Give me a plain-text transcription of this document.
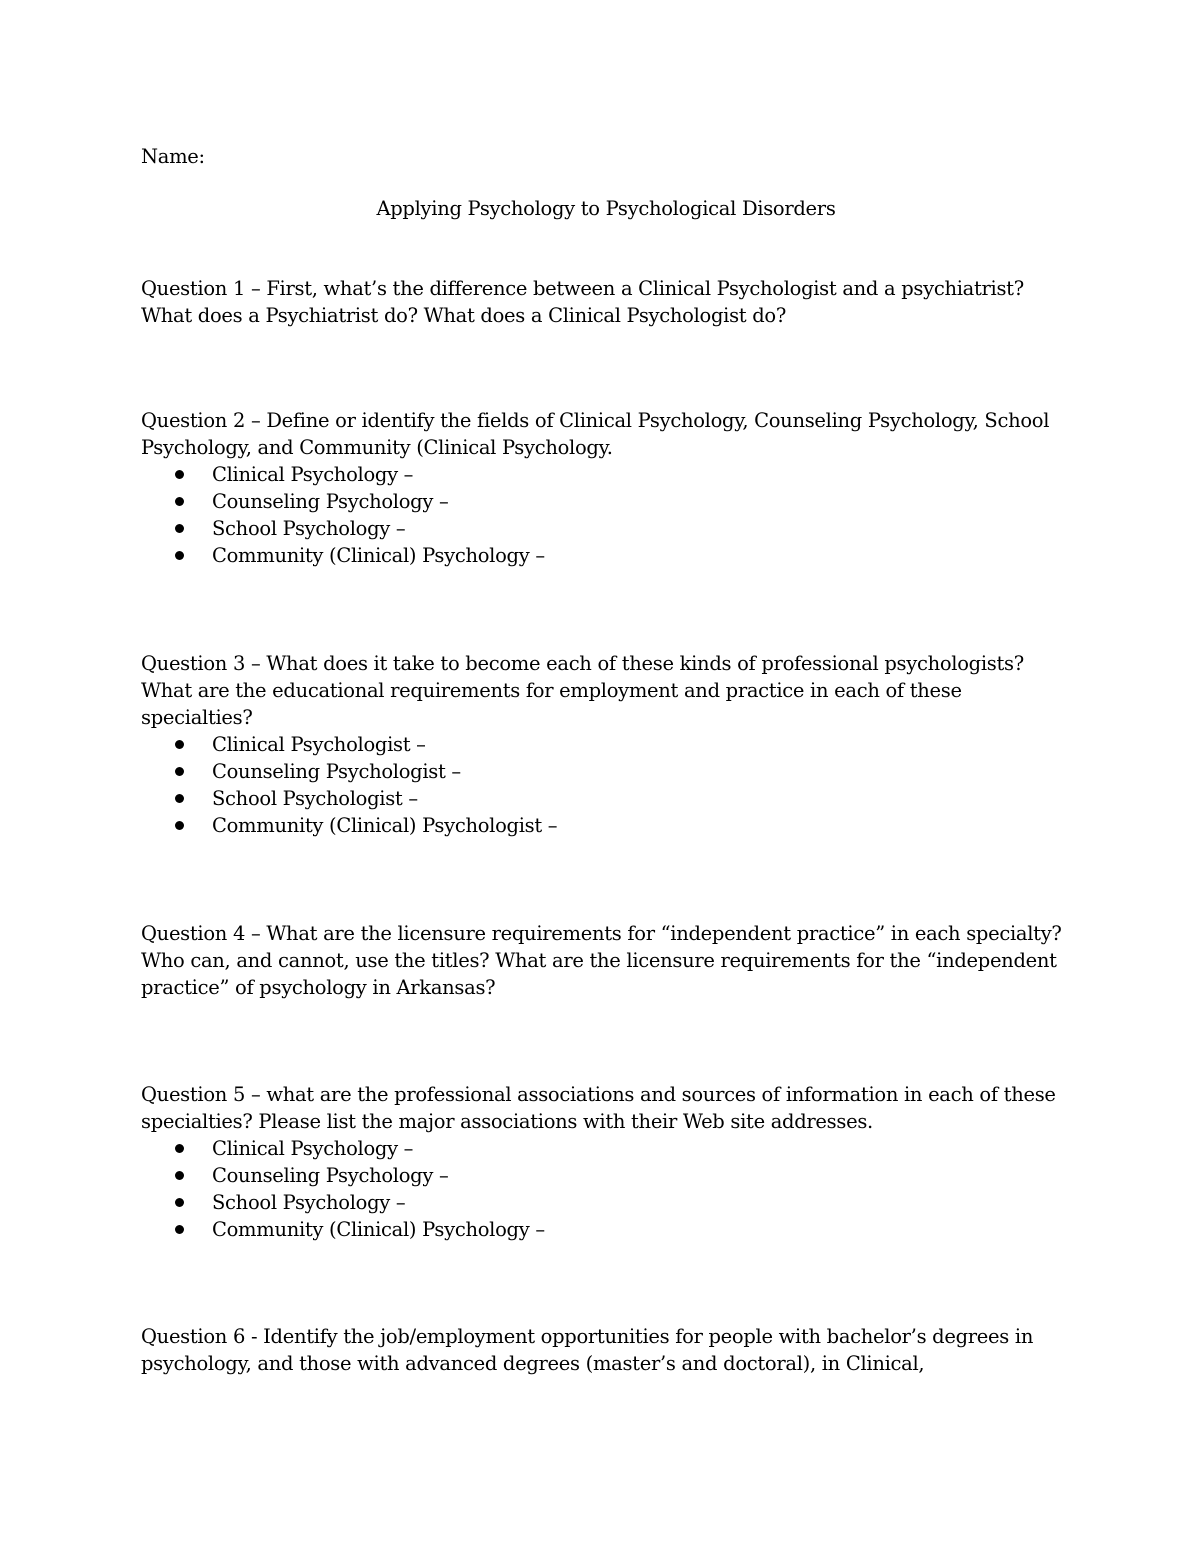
Name:

Applying Psychology to Psychological Disorders

Question 1 – First, what’s the difference between a Clinical Psychologist and a psychiatrist? What does a Psychiatrist do? What does a Clinical Psychologist do?

Question 2 – Define or identify the fields of Clinical Psychology, Counseling Psychology, School Psychology, and Community (Clinical Psychology.

Clinical Psychology –
Counseling Psychology –
School Psychology –
Community (Clinical) Psychology –

Question 3 – What does it take to become each of these kinds of professional psychologists? What are the educational requirements for employment and practice in each of these specialties?

Clinical Psychologist –
Counseling Psychologist –
School Psychologist –
Community (Clinical) Psychologist –

Question 4 – What are the licensure requirements for “independent practice” in each specialty? Who can, and cannot, use the titles? What are the licensure requirements for the “independent practice” of psychology in Arkansas?

Question 5 – what are the professional associations and sources of information in each of these specialties? Please list the major associations with their Web site addresses.

Clinical Psychology –
Counseling Psychology –
School Psychology –
Community (Clinical) Psychology –

Question 6 - Identify the job/employment opportunities for people with bachelor’s degrees in psychology, and those with advanced degrees (master’s and doctoral), in Clinical,
